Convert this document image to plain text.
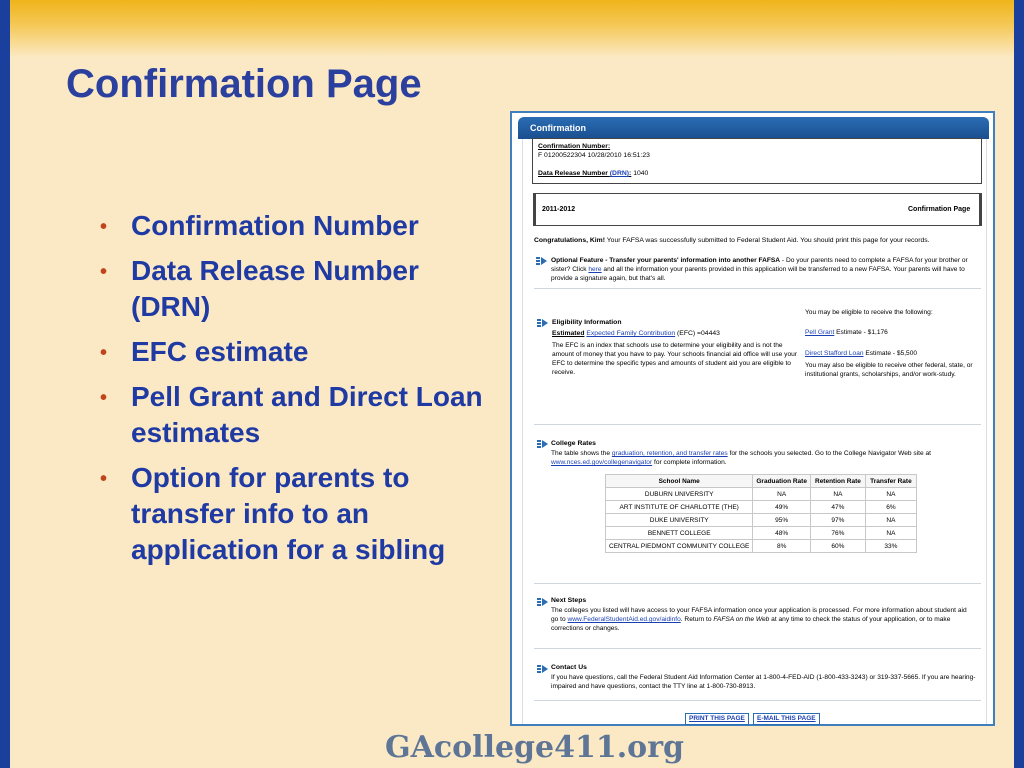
Confirmation Page
• Confirmation Number
• Data Release Number (DRN)
• EFC estimate
• Pell Grant and Direct Loan estimates
• Option for parents to transfer info to an application for a sibling

GAcollege411.org

Confirmation
Confirmation Number:
F 01200522304 10/28/2010 16:51:23
Data Release Number (DRN): 1040
2011-2012	Confirmation Page
Congratulations, Kim! Your FAFSA was successfully submitted to Federal Student Aid. You should print this page for your records.
Optional Feature - Transfer your parents' information into another FAFSA - Do your parents need to complete a FAFSA for your brother or sister? Click here and all the information your parents provided in this application will be transferred to a new FAFSA. Your parents will have to provide a signature again, but that's all.
You may be eligible to receive the following:
Pell Grant Estimate - $1,176
Direct Stafford Loan Estimate - $5,500
You may also be eligible to receive other federal, state, or institutional grants, scholarships, and/or work-study.
Eligibility Information
Estimated Expected Family Contribution (EFC) =04443
The EFC is an index that schools use to determine your eligibility and is not the amount of money that you have to pay. Your schools financial aid office will use your EFC to determine the specific types and amounts of student aid you are eligible to receive.
College Rates
The table shows the graduation, retention, and transfer rates for the schools you selected. Go to the College Navigator Web site at www.nces.ed.gov/collegenavigator for complete information.
School Name	Graduation Rate	Retention Rate	Transfer Rate
DUBURN UNIVERSITY	NA	NA	NA
ART INSTITUTE OF CHARLOTTE (THE)	49%	47%	6%
DUKE UNIVERSITY	95%	97%	NA
BENNETT COLLEGE	48%	76%	NA
CENTRAL PIEDMONT COMMUNITY COLLEGE	8%	60%	33%
Next Steps
The colleges you listed will have access to your FAFSA information once your application is processed. For more information about student aid go to www.FederalStudentAid.ed.gov/aidinfo. Return to FAFSA on the Web at any time to check the status of your application, or to make corrections or changes.
Contact Us
If you have questions, call the Federal Student Aid Information Center at 1-800-4-FED-AID (1-800-433-3243) or 319-337-5665. If you are hearing-impaired and have questions, contact the TTY line at 1-800-730-8913.
PRINT THIS PAGE	E-MAIL THIS PAGE
